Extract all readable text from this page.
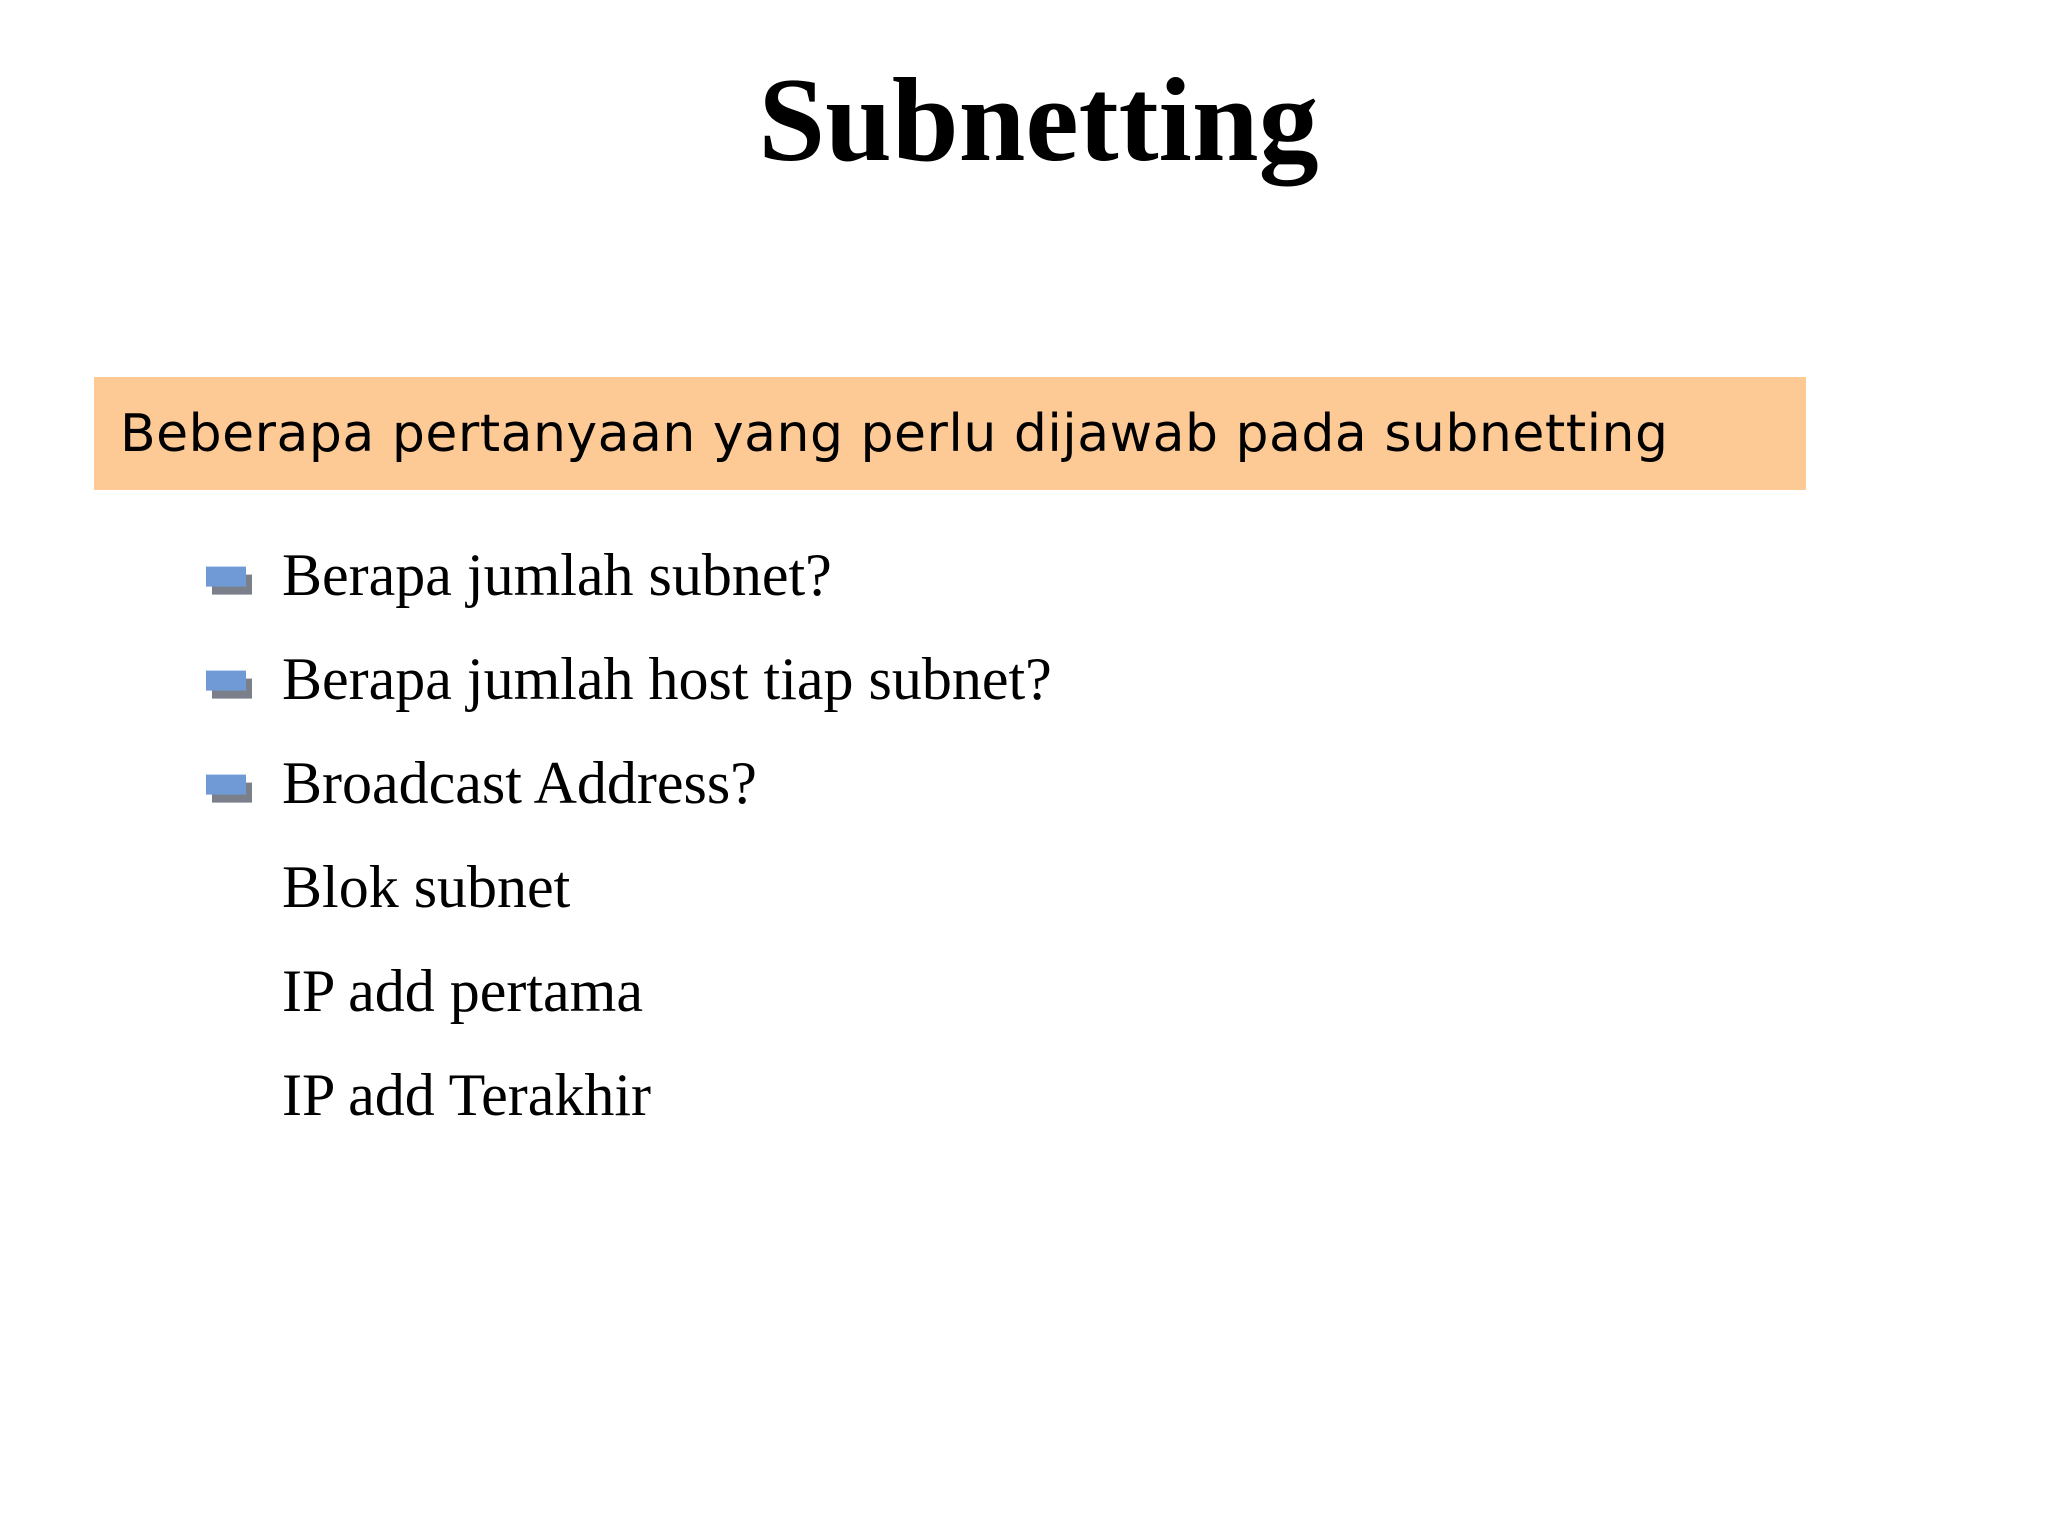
Subnetting
Beberapa pertanyaan yang perlu dijawab pada subnetting
Berapa jumlah subnet?
Berapa jumlah host tiap subnet?
Broadcast Address?
Blok subnet
IP add pertama
IP add Terakhir
